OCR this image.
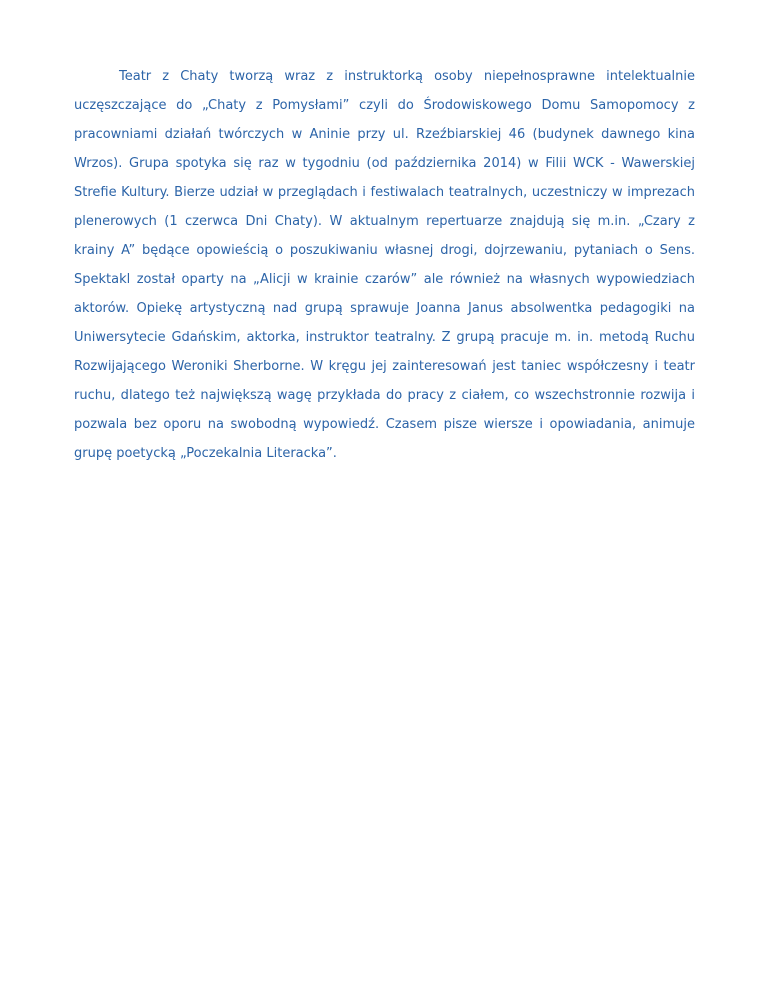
Teatr z Chaty tworzą wraz z instruktorką osoby niepełnosprawne intelektualnie uczęszczające do „Chaty z Pomysłami” czyli do Środowiskowego Domu Samopomocy z pracowniami działań twórczych w Aninie przy ul. Rzeźbiarskiej 46 (budynek dawnego kina Wrzos). Grupa spotyka się raz w tygodniu (od października 2014) w Filii WCK - Wawerskiej Strefie Kultury. Bierze udział w przeglądach i festiwalach teatralnych, uczestniczy w imprezach plenerowych (1 czerwca Dni Chaty). W aktualnym repertuarze znajdują się m.in. „Czary z krainy A” będące opowieścią o poszukiwaniu własnej drogi, dojrzewaniu, pytaniach o Sens. Spektakl został oparty na „Alicji w krainie czarów” ale również na własnych wypowiedziach aktorów. Opiekę artystyczną nad grupą sprawuje Joanna Janus absolwentka pedagogiki na Uniwersytecie Gdańskim, aktorka, instruktor teatralny. Z grupą pracuje m. in. metodą Ruchu Rozwijającego Weroniki Sherborne. W kręgu jej zainteresowań jest taniec współczesny i teatr ruchu, dlatego też największą wagę przykłada do pracy z ciałem, co wszechstronnie rozwija i pozwala bez oporu na swobodną wypowiedź. Czasem pisze wiersze i opowiadania, animuje grupę poetycką „Poczekalnia Literacka”.
